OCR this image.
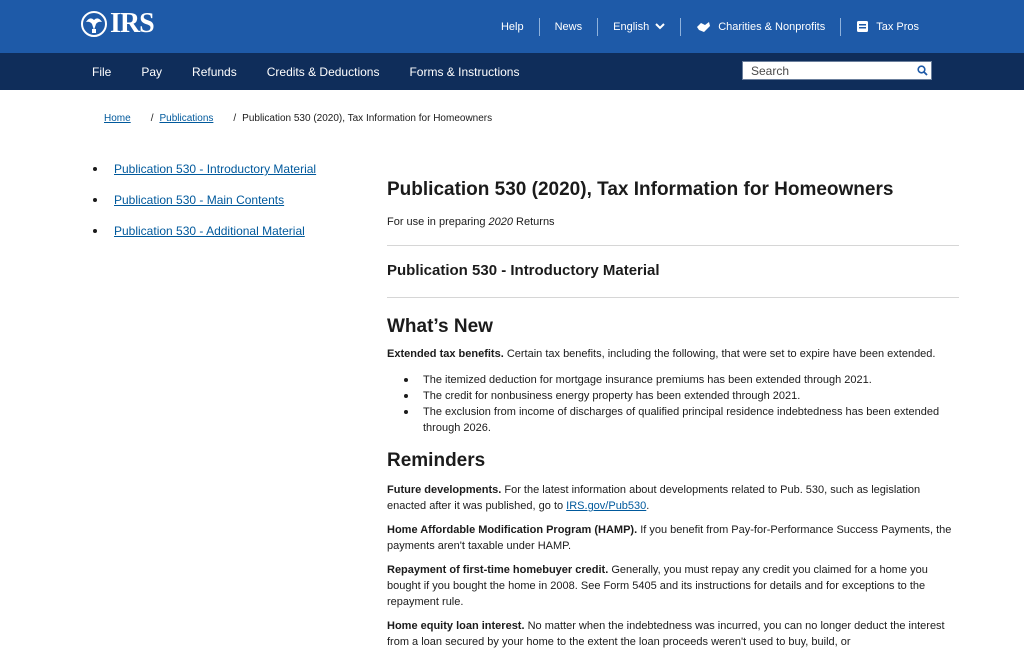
IRS	Help	News	English	Charities & Nonprofits	Tax Pros
File	Pay	Refunds	Credits & Deductions	Forms & Instructions
Search
Home / Publications / Publication 530 (2020), Tax Information for Homeowners
Publication 530 - Introductory Material
Publication 530 - Main Contents
Publication 530 - Additional Material
Publication 530 (2020), Tax Information for Homeowners
For use in preparing 2020 Returns
Publication 530 - Introductory Material
What’s New

Extended tax benefits. Certain tax benefits, including the following, that were set to expire have been extended.

The itemized deduction for mortgage insurance premiums has been extended through 2021.
The credit for nonbusiness energy property has been extended through 2021.
The exclusion from income of discharges of qualified principal residence indebtedness has been extended through 2026.
Reminders

Future developments. For the latest information about developments related to Pub. 530, such as legislation enacted after it was published, go to IRS.gov/Pub530.

Home Affordable Modification Program (HAMP). If you benefit from Pay-for-Performance Success Payments, the payments aren't taxable under HAMP.

Repayment of first-time homebuyer credit. Generally, you must repay any credit you claimed for a home you bought if you bought the home in 2008. See Form 5405 and its instructions for details and for exceptions to the repayment rule.

Home equity loan interest. No matter when the indebtedness was incurred, you can no longer deduct the interest from a loan secured by your home to the extent the loan proceeds weren't used to buy, build, or
